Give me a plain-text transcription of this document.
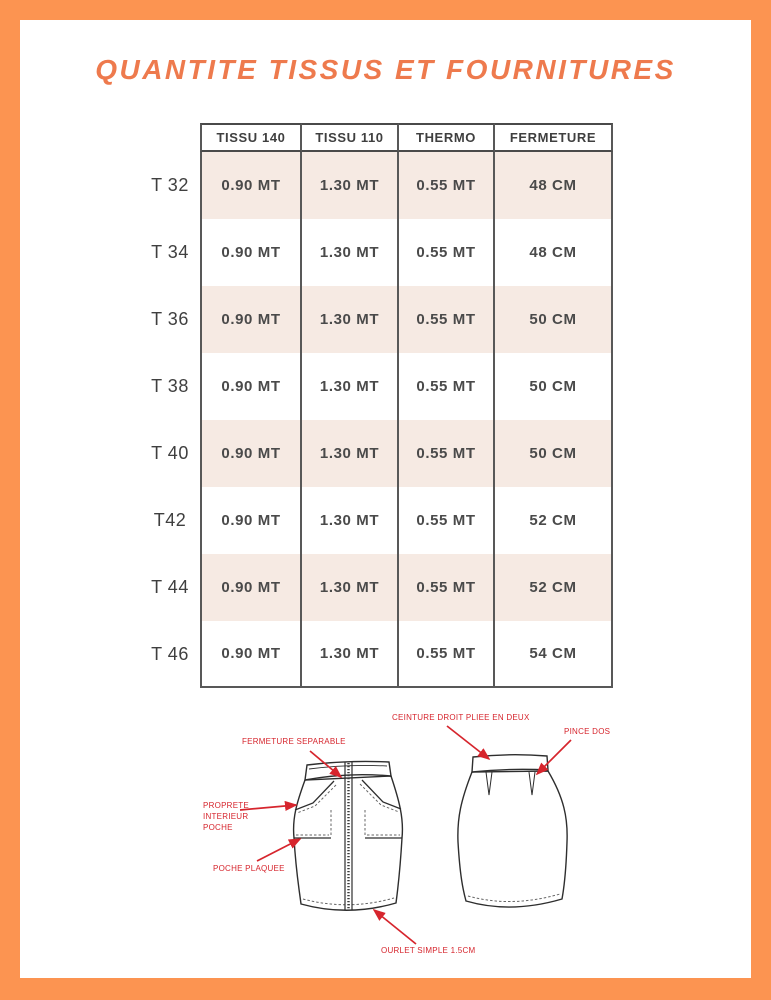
QUANTITE TISSUS ET FOURNITURES
TISSU 140	TISSU 110	THERMO	FERMETURE
T 32	0.90 MT	1.30 MT	0.55 MT	48 CM
T 34	0.90 MT	1.30 MT	0.55 MT	48 CM
T 36	0.90 MT	1.30 MT	0.55 MT	50 CM
T 38	0.90 MT	1.30 MT	0.55 MT	50 CM
T 40	0.90 MT	1.30 MT	0.55 MT	50 CM
T42	0.90 MT	1.30 MT	0.55 MT	52 CM
T 44	0.90 MT	1.30 MT	0.55 MT	52 CM
T 46	0.90 MT	1.30 MT	0.55 MT	54 CM
FERMETURE SEPARABLE
CEINTURE DROIT PLIEE EN DEUX
PINCE DOS
PROPRETE INTERIEUR POCHE
POCHE PLAQUEE
OURLET SIMPLE 1.5CM
